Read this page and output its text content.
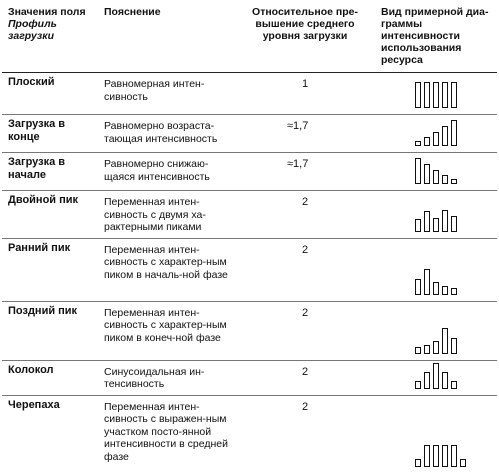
Значения поля
Профиль загрузки	Пояснение	Относительное пре-вышение среднего уровня загрузки	Вид примерной диа-граммы интенсивности использования ресурса
Плоский	Равномерная интен-сивность	1	

Загрузка в конце	Равномерно возраста-тающая интенсивность	≈1,7	

Загрузка в начале	Равномерно снижаю-щаяся интенсивность	≈1,7	

Двойной пик	Переменная интен-сивность с двумя ха-рактерными пиками	2	

Ранний пик	Переменная интен-сивность с характер-ным пиком в началь-ной фазе	2	

Поздний пик	Переменная интен-сивность с характер-ным пиком в конеч-ной фазе	2	

Колокол	Синусоидальная ин-тенсивность	2	

Черепаха	Переменная интен-сивность с выражен-ным участком посто-янной интенсивности в средней фазе	2	
